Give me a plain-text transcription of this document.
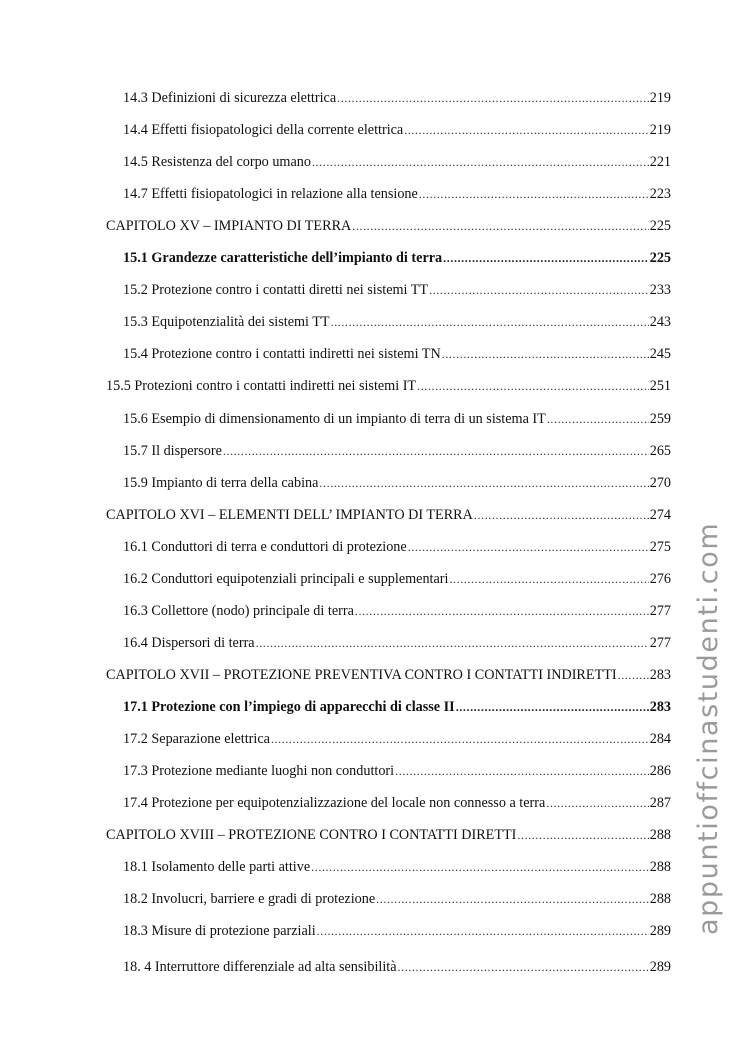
14.3 Definizioni di sicurezza elettrica .....	219
14.4 Effetti fisiopatologici della corrente elettrica .....	219
14.5 Resistenza del corpo umano .....	221
14.7 Effetti fisiopatologici in relazione alla tensione .....	223
CAPITOLO XV – IMPIANTO DI TERRA .....	225
15.1 Grandezze caratteristiche dell’impianto di terra .....	225
15.2 Protezione contro i contatti diretti nei sistemi TT .....	233
15.3 Equipotenzialità dei sistemi TT .....	243
15.4 Protezione contro i contatti indiretti nei sistemi TN .....	245
15.5 Protezioni contro i contatti indiretti nei sistemi IT .....	251
15.6 Esempio di dimensionamento di un impianto di terra di un sistema IT .....	259
15.7 Il dispersore .....	265
15.9 Impianto di terra della cabina .....	270
CAPITOLO XVI – ELEMENTI DELL’ IMPIANTO DI TERRA .....	274
16.1 Conduttori di terra e conduttori di protezione .....	275
16.2 Conduttori equipotenziali principali e supplementari .....	276
16.3 Collettore (nodo) principale di terra .....	277
16.4 Dispersori di terra .....	277
CAPITOLO XVII – PROTEZIONE PREVENTIVA CONTRO I CONTATTI INDIRETTI ..... 283
17.1 Protezione con l’impiego di apparecchi di classe II .....	283
17.2 Separazione elettrica .....	284
17.3 Protezione mediante luoghi non conduttori .....	286
17.4 Protezione per equipotenzializzazione del locale non connesso a terra .....	287
CAPITOLO XVIII – PROTEZIONE CONTRO I CONTATTI DIRETTI .....	288
18.1 Isolamento delle parti attive .....	288
18.2 Involucri, barriere e gradi di protezione .....	288
18.3 Misure di protezione parziali .....	289
18. 4 Interruttore differenziale ad alta sensibilità .....	289
appuntioffcinastudenti.com
